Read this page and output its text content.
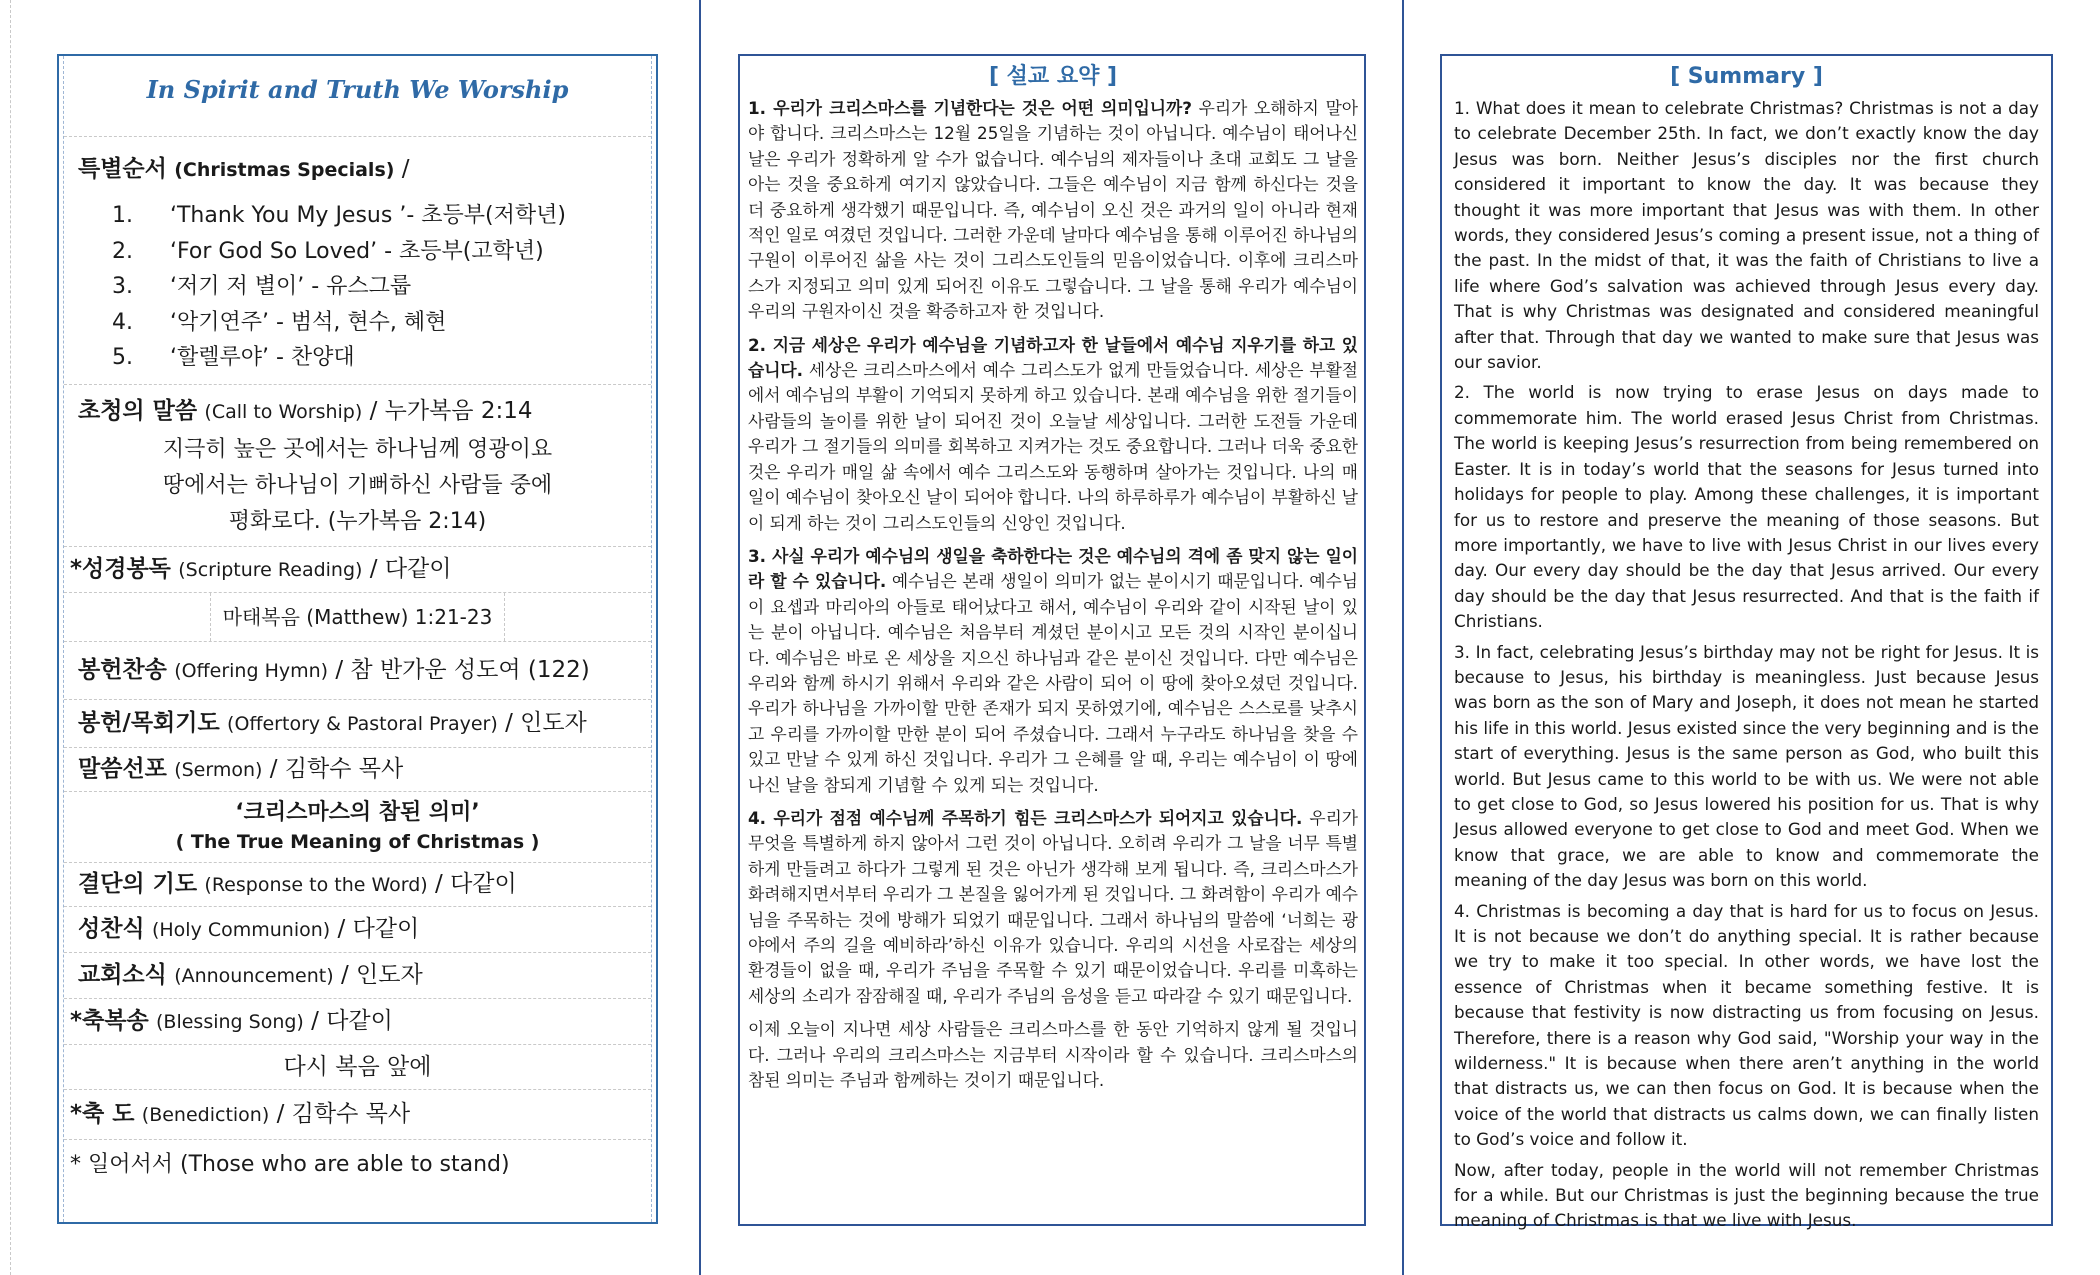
In Spirit and Truth We Worship
특별순서 (Christmas Specials) /
1. ‘Thank You My Jesus ’- 초등부(저학년)
2. ‘For God So Loved’ - 초등부(고학년)
3. ‘저기 저 별이’ - 유스그룹
4. ‘악기연주’ - 범석, 현수, 혜현
5. ‘할렐루야’ - 찬양대
초청의 말씀 (Call to Worship) / 누가복음 2:14
지극히 높은 곳에서는 하나님께 영광이요
땅에서는 하나님이 기뻐하신 사람들 중에
평화로다. (누가복음 2:14)
*성경봉독 (Scripture Reading) / 다같이
마태복음 (Matthew) 1:21-23
봉헌찬송 (Offering Hymn) / 참 반가운 성도여 (122)
봉헌/목회기도 (Offertory & Pastoral Prayer) / 인도자
말씀선포 (Sermon) / 김학수 목사
‘크리스마스의 참된 의미’
( The True Meaning of Christmas )
결단의 기도 (Response to the Word) / 다같이
성찬식 (Holy Communion) / 다같이
교회소식 (Announcement) / 인도자
*축복송 (Blessing Song) / 다같이
다시 복음 앞에
*축 도 (Benediction) / 김학수 목사
* 일어서서 (Those who are able to stand)
[ 설교 요약 ]

1. 우리가 크리스마스를 기념한다는 것은 어떤 의미입니까? 우리가 오해하지 말아야 합니다. 크리스마스는 12월 25일을 기념하는 것이 아닙니다. 예수님이 태어나신 날은 우리가 정확하게 알 수가 없습니다. 예수님의 제자들이나 초대 교회도 그 날을 아는 것을 중요하게 여기지 않았습니다. 그들은 예수님이 지금 함께 하신다는 것을 더 중요하게 생각했기 때문입니다. 즉, 예수님이 오신 것은 과거의 일이 아니라 현재적인 일로 여겼던 것입니다. 그러한 가운데 날마다 예수님을 통해 이루어진 하나님의 구원이 이루어진 삶을 사는 것이 그리스도인들의 믿음이었습니다. 이후에 크리스마스가 지정되고 의미 있게 되어진 이유도 그렇습니다. 그 날을 통해 우리가 예수님이 우리의 구원자이신 것을 확증하고자 한 것입니다.

2. 지금 세상은 우리가 예수님을 기념하고자 한 날들에서 예수님 지우기를 하고 있습니다. 세상은 크리스마스에서 예수 그리스도가 없게 만들었습니다. 세상은 부활절에서 예수님의 부활이 기억되지 못하게 하고 있습니다. 본래 예수님을 위한 절기들이 사람들의 놀이를 위한 날이 되어진 것이 오늘날 세상입니다. 그러한 도전들 가운데 우리가 그 절기들의 의미를 회복하고 지켜가는 것도 중요합니다. 그러나 더욱 중요한 것은 우리가 매일 삶 속에서 예수 그리스도와 동행하며 살아가는 것입니다. 나의 매일이 예수님이 찾아오신 날이 되어야 합니다. 나의 하루하루가 예수님이 부활하신 날이 되게 하는 것이 그리스도인들의 신앙인 것입니다.

3. 사실 우리가 예수님의 생일을 축하한다는 것은 예수님의 격에 좀 맞지 않는 일이라 할 수 있습니다. 예수님은 본래 생일이 의미가 없는 분이시기 때문입니다. 예수님이 요셉과 마리아의 아들로 태어났다고 해서, 예수님이 우리와 같이 시작된 날이 있는 분이 아닙니다. 예수님은 처음부터 계셨던 분이시고 모든 것의 시작인 분이십니다. 예수님은 바로 온 세상을 지으신 하나님과 같은 분이신 것입니다. 다만 예수님은 우리와 함께 하시기 위해서 우리와 같은 사람이 되어 이 땅에 찾아오셨던 것입니다. 우리가 하나님을 가까이할 만한 존재가 되지 못하였기에, 예수님은 스스로를 낮추시고 우리를 가까이할 만한 분이 되어 주셨습니다. 그래서 누구라도 하나님을 찾을 수 있고 만날 수 있게 하신 것입니다. 우리가 그 은혜를 알 때, 우리는 예수님이 이 땅에 나신 날을 참되게 기념할 수 있게 되는 것입니다.

4. 우리가 점점 예수님께 주목하기 힘든 크리스마스가 되어지고 있습니다. 우리가 무엇을 특별하게 하지 않아서 그런 것이 아닙니다. 오히려 우리가 그 날을 너무 특별하게 만들려고 하다가 그렇게 된 것은 아닌가 생각해 보게 됩니다. 즉, 크리스마스가 화려해지면서부터 우리가 그 본질을 잃어가게 된 것입니다. 그 화려함이 우리가 예수님을 주목하는 것에 방해가 되었기 때문입니다. 그래서 하나님의 말씀에 ‘너희는 광야에서 주의 길을 예비하라’하신 이유가 있습니다. 우리의 시선을 사로잡는 세상의 환경들이 없을 때, 우리가 주님을 주목할 수 있기 때문이었습니다. 우리를 미혹하는 세상의 소리가 잠잠해질 때, 우리가 주님의 음성을 듣고 따라갈 수 있기 때문입니다.

이제 오늘이 지나면 세상 사람들은 크리스마스를 한 동안 기억하지 않게 될 것입니다. 그러나 우리의 크리스마스는 지금부터 시작이라 할 수 있습니다. 크리스마스의 참된 의미는 주님과 함께하는 것이기 때문입니다.

[ Summary ]

1. What does it mean to celebrate Christmas? Christmas is not a day to celebrate December 25th. In fact, we don’t exactly know the day Jesus was born. Neither Jesus’s disciples nor the first church considered it important to know the day. It was because they thought it was more important that Jesus was with them. In other words, they considered Jesus’s coming a present issue, not a thing of the past. In the midst of that, it was the faith of Christians to live a life where God’s salvation was achieved through Jesus every day. That is why Christmas was designated and considered meaningful after that. Through that day we wanted to make sure that Jesus was our savior.

2. The world is now trying to erase Jesus on days made to commemorate him. The world erased Jesus Christ from Christmas. The world is keeping Jesus’s resurrection from being remembered on Easter. It is in today’s world that the seasons for Jesus turned into holidays for people to play. Among these challenges, it is important for us to restore and preserve the meaning of those seasons. But more importantly, we have to live with Jesus Christ in our lives every day. Our every day should be the day that Jesus arrived. Our every day should be the day that Jesus resurrected. And that is the faith if Christians.

3. In fact, celebrating Jesus’s birthday may not be right for Jesus. It is because to Jesus, his birthday is meaningless. Just because Jesus was born as the son of Mary and Joseph, it does not mean he started his life in this world. Jesus existed since the very beginning and is the start of everything. Jesus is the same person as God, who built this world. But Jesus came to this world to be with us. We were not able to get close to God, so Jesus lowered his position for us. That is why Jesus allowed everyone to get close to God and meet God. When we know that grace, we are able to know and commemorate the meaning of the day Jesus was born on this world.

4. Christmas is becoming a day that is hard for us to focus on Jesus. It is not because we don’t do anything special. It is rather because we try to make it too special. In other words, we have lost the essence of Christmas when it became something festive. It is because that festivity is now distracting us from focusing on Jesus. Therefore, there is a reason why God said, "Worship your way in the wilderness." It is because when there aren’t anything in the world that distracts us, we can then focus on God. It is because when the voice of the world that distracts us calms down, we can finally listen to God’s voice and follow it.

Now, after today, people in the world will not remember Christmas for a while. But our Christmas is just the beginning because the true meaning of Christmas is that we live with Jesus.
